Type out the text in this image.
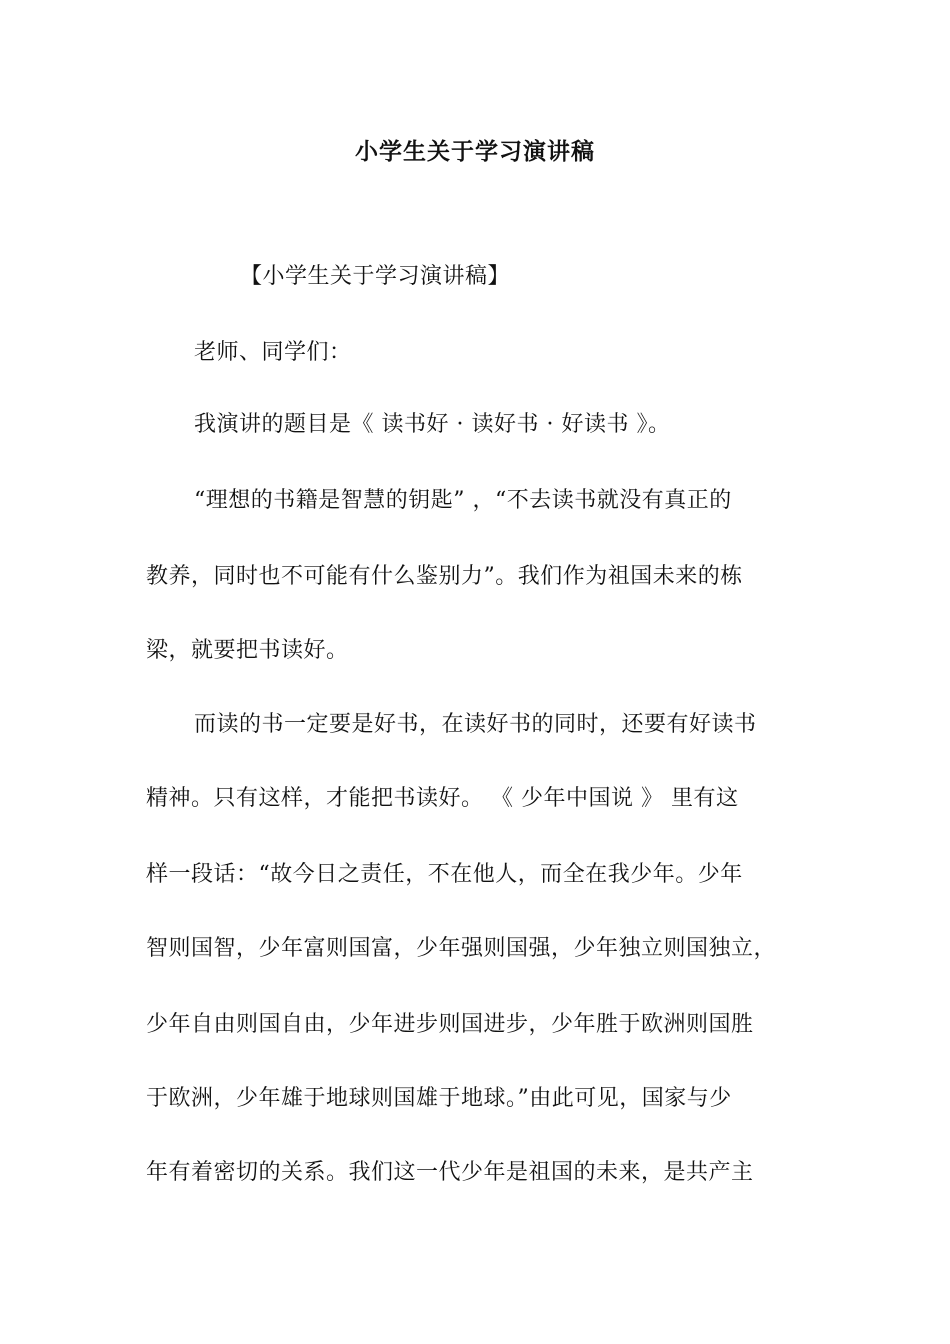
小学生关于学习演讲稿
【小学生关于学习演讲稿】
老师、同学们：
我演讲的题目是《 读书好 · 读好书 · 好读书 》。
“理想的书籍是智慧的钥匙” ，“不去读书就没有真正的
教养，同时也不可能有什么鉴别力”。我们作为祖国未来的栋
梁，就要把书读好。
而读的书一定要是好书，在读好书的同时，还要有好读书
精神。只有这样，才能把书读好。 《 少年中国说 》 里有这
样一段话：“故今日之责任，不在他人，而全在我少年。少年
智则国智，少年富则国富，少年强则国强，少年独立则国独立，
少年自由则国自由，少年进步则国进步，少年胜于欧洲则国胜
于欧洲，少年雄于地球则国雄于地球。”由此可见，国家与少
年有着密切的关系。我们这一代少年是祖国的未来，是共产主
